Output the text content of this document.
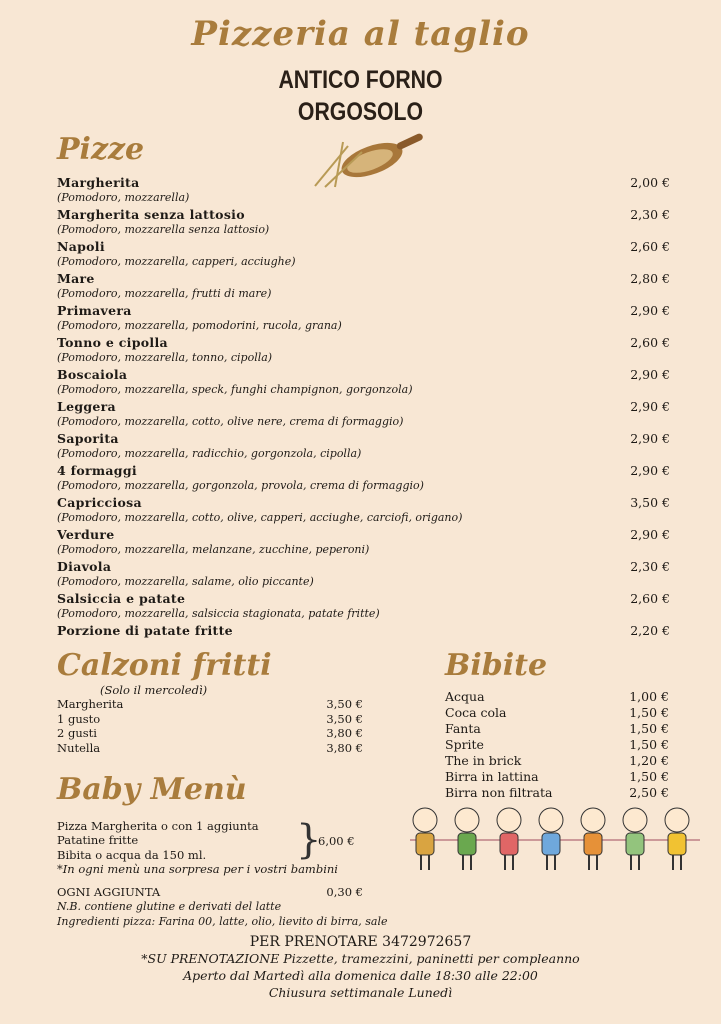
Pizzeria al taglio
ANTICO FORNO
ORGOSOLO
Pizze
Margherita
(Pomodoro, mozzarella)
2,00 €
Margherita senza lattosio
(Pomodoro, mozzarella senza lattosio)
2,30 €
Napoli
(Pomodoro, mozzarella, capperi, acciughe)
2,60 €
Mare
(Pomodoro, mozzarella, frutti di mare)
2,80 €
Primavera
(Pomodoro, mozzarella, pomodorini, rucola, grana)
2,90 €
Tonno e cipolla
(Pomodoro, mozzarella, tonno, cipolla)
2,60 €
Boscaiola
(Pomodoro, mozzarella, speck, funghi champignon, gorgonzola)
2,90 €
Leggera
(Pomodoro, mozzarella, cotto, olive nere, crema di formaggio)
2,90 €
Saporita
(Pomodoro, mozzarella, radicchio, gorgonzola, cipolla)
2,90 €
4 formaggi
(Pomodoro, mozzarella, gorgonzola, provola, crema di formaggio)
2,90 €
Capricciosa
(Pomodoro, mozzarella, cotto, olive, capperi, acciughe, carciofi, origano)
3,50 €
Verdure
(Pomodoro, mozzarella, melanzane, zucchine, peperoni)
2,90 €
Diavola
(Pomodoro, mozzarella, salame, olio piccante)
2,30 €
Salsiccia e patate
(Pomodoro, mozzarella, salsiccia stagionata, patate fritte)
2,60 €
Porzione di patate fritte	2,20 €
Calzoni fritti
(Solo il mercoledì)
Margherita	3,50 €
1 gusto	3,50 €
2 gusti	3,80 €
Nutella	3,80 €
Bibite
Acqua	1,00 €
Coca cola	1,50 €
Fanta	1,50 €
Sprite	1,50 €
The in brick	1,20 €
Birra in lattina	1,50 €
Birra non filtrata	2,50 €
Baby Menù
Pizza Margherita o con 1 aggiunta
Patatine fritte
Bibita o acqua da 150 ml. }
6,00 €
*In ogni menù una sorpresa per i vostri bambini
OGNI AGGIUNTA	0,30 €
N.B. contiene glutine e derivati del latte
Ingredienti pizza: Farina 00, latte, olio, lievito di birra, sale
PER PRENOTARE 3472972657
*SU PRENOTAZIONE Pizzette, tramezzini, paninetti per compleanno
Aperto dal Martedì alla domenica dalle 18:30 alle 22:00
Chiusura settimanale Lunedì
